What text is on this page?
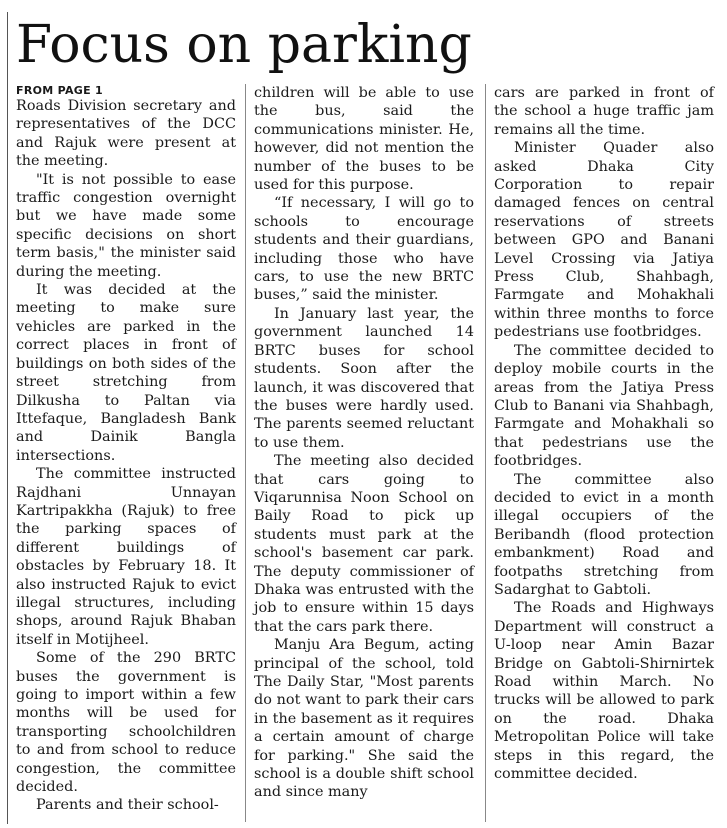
Focus on parking
FROM PAGE 1
Roads Division secretary and representatives of the DCC and Rajuk were present at the meeting.
"It is not possible to ease traffic congestion overnight but we have made some specific decisions on short term basis," the minister said during the meeting.
It was decided at the meeting to make sure vehicles are parked in the correct places in front of buildings on both sides of the street stretching from Dilkusha to Paltan via Ittefaque, Bangladesh Bank and Dainik Bangla intersections.
The committee instructed Rajdhani Unnayan Kartripakkha (Rajuk) to free the parking spaces of different buildings of obstacles by February 18. It also instructed Rajuk to evict illegal structures, including shops, around Rajuk Bhaban itself in Motijheel.
Some of the 290 BRTC buses the government is going to import within a few months will be used for transporting schoolchildren to and from school to reduce congestion, the committee decided.
Parents and their school-
children will be able to use the bus, said the communications minister. He, however, did not mention the number of the buses to be used for this purpose.
“If necessary, I will go to schools to encourage students and their guardians, including those who have cars, to use the new BRTC buses,” said the minister.
In January last year, the government launched 14 BRTC buses for school students. Soon after the launch, it was discovered that the buses were hardly used. The parents seemed reluctant to use them.
The meeting also decided that cars going to Viqarunnisa Noon School on Baily Road to pick up students must park at the school's basement car park. The deputy commissioner of Dhaka was entrusted with the job to ensure within 15 days that the cars park there.
Manju Ara Begum, acting principal of the school, told The Daily Star, "Most parents do not want to park their cars in the basement as it requires a certain amount of charge for parking." She said the school is a double shift school and since many
cars are parked in front of the school a huge traffic jam remains all the time.
Minister Quader also asked Dhaka City Corporation to repair damaged fences on central reservations of streets between GPO and Banani Level Crossing via Jatiya Press Club, Shahbagh, Farmgate and Mohakhali within three months to force pedestrians use footbridges.
The committee decided to deploy mobile courts in the areas from the Jatiya Press Club to Banani via Shahbagh, Farmgate and Mohakhali so that pedestrians use the footbridges.
The committee also decided to evict in a month illegal occupiers of the Beribandh (flood protection embankment) Road and footpaths stretching from Sadarghat to Gabtoli.
The Roads and Highways Department will construct a U-loop near Amin Bazar Bridge on Gabtoli-Shirnirtek Road within March. No trucks will be allowed to park on the road. Dhaka Metropolitan Police will take steps in this regard, the committee decided.
